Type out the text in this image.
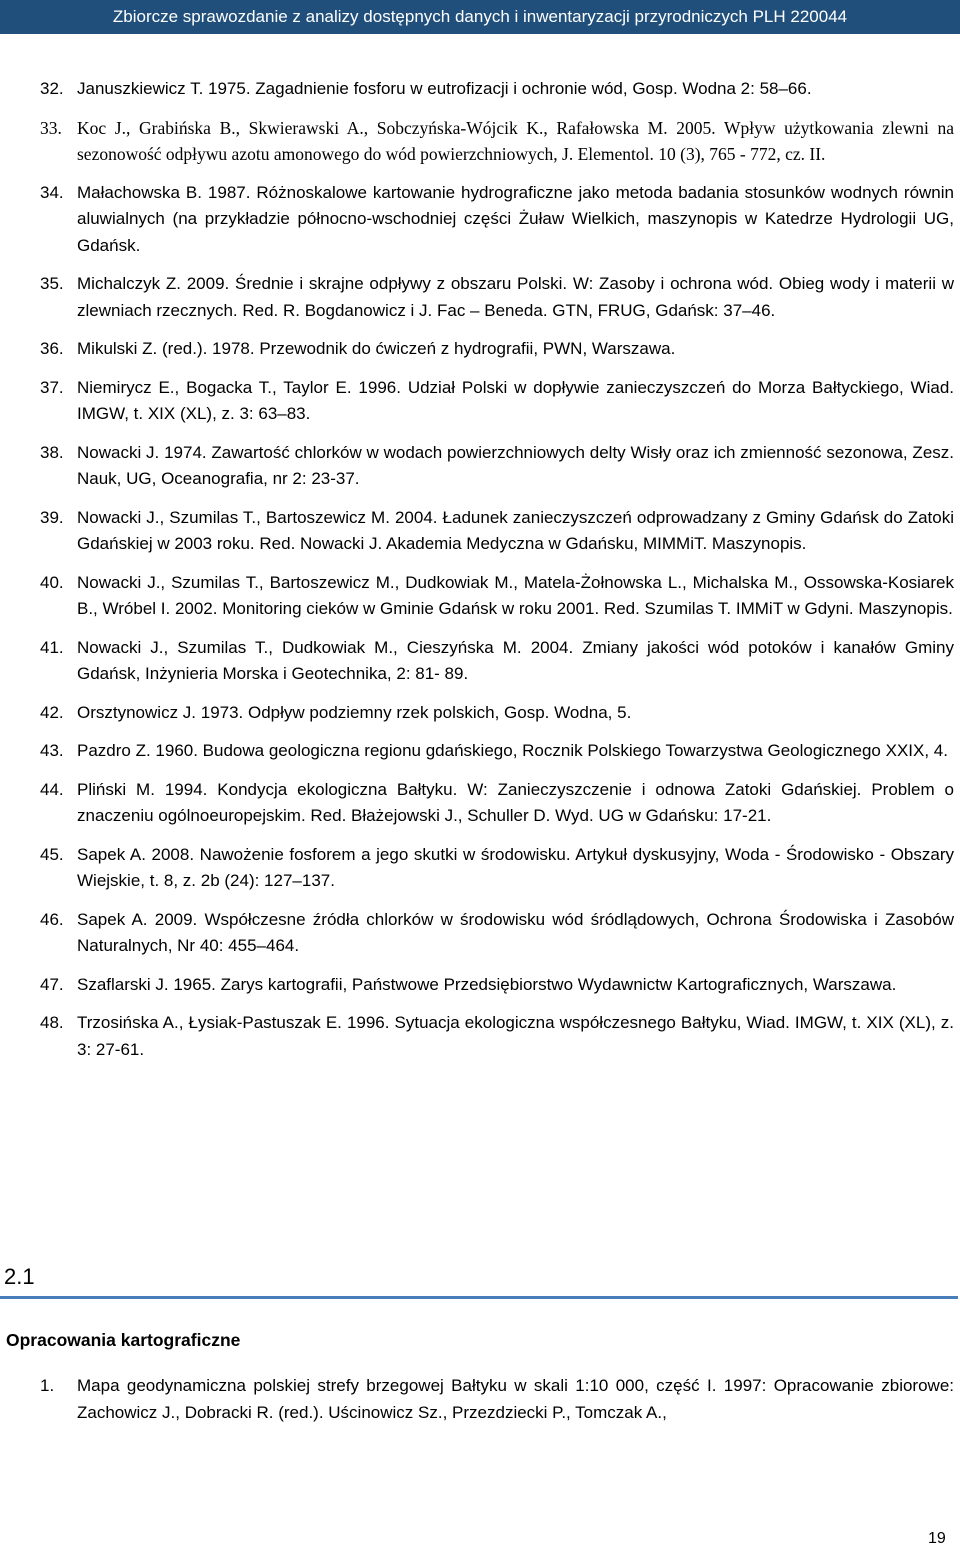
Zbiorcze sprawozdanie z analizy dostępnych danych i inwentaryzacji przyrodniczych PLH 220044
32. Januszkiewicz T. 1975. Zagadnienie fosforu w eutrofizacji i ochronie wód, Gosp. Wodna 2: 58–66.
33. Koc J., Grabińska B., Skwierawski A., Sobczyńska-Wójcik K., Rafałowska M. 2005. Wpływ użytkowania zlewni na sezonowość odpływu azotu amonowego do wód powierzchniowych, J. Elementol. 10 (3), 765 - 772, cz. II.
34. Małachowska B. 1987. Różnoskalowe kartowanie hydrograficzne jako metoda badania stosunków wodnych równin aluwialnych (na przykładzie północno-wschodniej części Żuław Wielkich, maszynopis w Katedrze Hydrologii UG, Gdańsk.
35. Michalczyk Z. 2009. Średnie i skrajne odpływy z obszaru Polski. W: Zasoby i ochrona wód. Obieg wody i materii w zlewniach rzecznych. Red. R. Bogdanowicz i J. Fac – Beneda. GTN, FRUG, Gdańsk: 37–46.
36. Mikulski Z. (red.). 1978. Przewodnik do ćwiczeń z hydrografii, PWN, Warszawa.
37. Niemirycz E., Bogacka T., Taylor E. 1996. Udział Polski w dopływie zanieczyszczeń do Morza Bałtyckiego, Wiad. IMGW, t. XIX (XL), z. 3: 63–83.
38. Nowacki J. 1974. Zawartość chlorków w wodach powierzchniowych delty Wisły oraz ich zmienność sezonowa, Zesz. Nauk, UG, Oceanografia, nr 2: 23-37.
39. Nowacki J., Szumilas T., Bartoszewicz M. 2004. Ładunek zanieczyszczeń odprowadzany z Gminy Gdańsk do Zatoki Gdańskiej w 2003 roku. Red. Nowacki J. Akademia Medyczna w Gdańsku, MIMMiT. Maszynopis.
40. Nowacki J., Szumilas T., Bartoszewicz M., Dudkowiak M., Matela-Żołnowska L., Michalska M., Ossowska-Kosiarek B., Wróbel I. 2002. Monitoring cieków w Gminie Gdańsk w roku 2001. Red. Szumilas T. IMMiT w Gdyni. Maszynopis.
41. Nowacki J., Szumilas T., Dudkowiak M., Cieszyńska M. 2004. Zmiany jakości wód potoków i kanałów Gminy Gdańsk, Inżynieria Morska i Geotechnika, 2: 81- 89.
42. Orsztynowicz J. 1973. Odpływ podziemny rzek polskich, Gosp. Wodna, 5.
43. Pazdro Z. 1960. Budowa geologiczna regionu gdańskiego, Rocznik Polskiego Towarzystwa Geologicznego XXIX, 4.
44. Pliński M. 1994. Kondycja ekologiczna Bałtyku. W: Zanieczyszczenie i odnowa Zatoki Gdańskiej. Problem o znaczeniu ogólnoeuropejskim. Red. Błażejowski J., Schuller D. Wyd. UG w Gdańsku: 17-21.
45. Sapek A. 2008. Nawożenie fosforem a jego skutki w środowisku. Artykuł dyskusyjny, Woda - Środowisko - Obszary Wiejskie, t. 8, z. 2b (24): 127–137.
46. Sapek A. 2009. Współczesne źródła chlorków w środowisku wód śródlądowych, Ochrona Środowiska i Zasobów Naturalnych, Nr 40: 455–464.
47. Szaflarski J. 1965. Zarys kartografii, Państwowe Przedsiębiorstwo Wydawnictw Kartograficznych, Warszawa.
48. Trzosińska A., Łysiak-Pastuszak E. 1996. Sytuacja ekologiczna współczesnego Bałtyku, Wiad. IMGW, t. XIX (XL), z. 3: 27-61.
2.1
Opracowania kartograficzne
1.	Mapa geodynamiczna polskiej strefy brzegowej Bałtyku w skali 1:10 000, część I. 1997: Opracowanie zbiorowe: Zachowicz J., Dobracki R. (red.). Uścinowicz Sz., Przezdziecki P., Tomczak A.,
19
